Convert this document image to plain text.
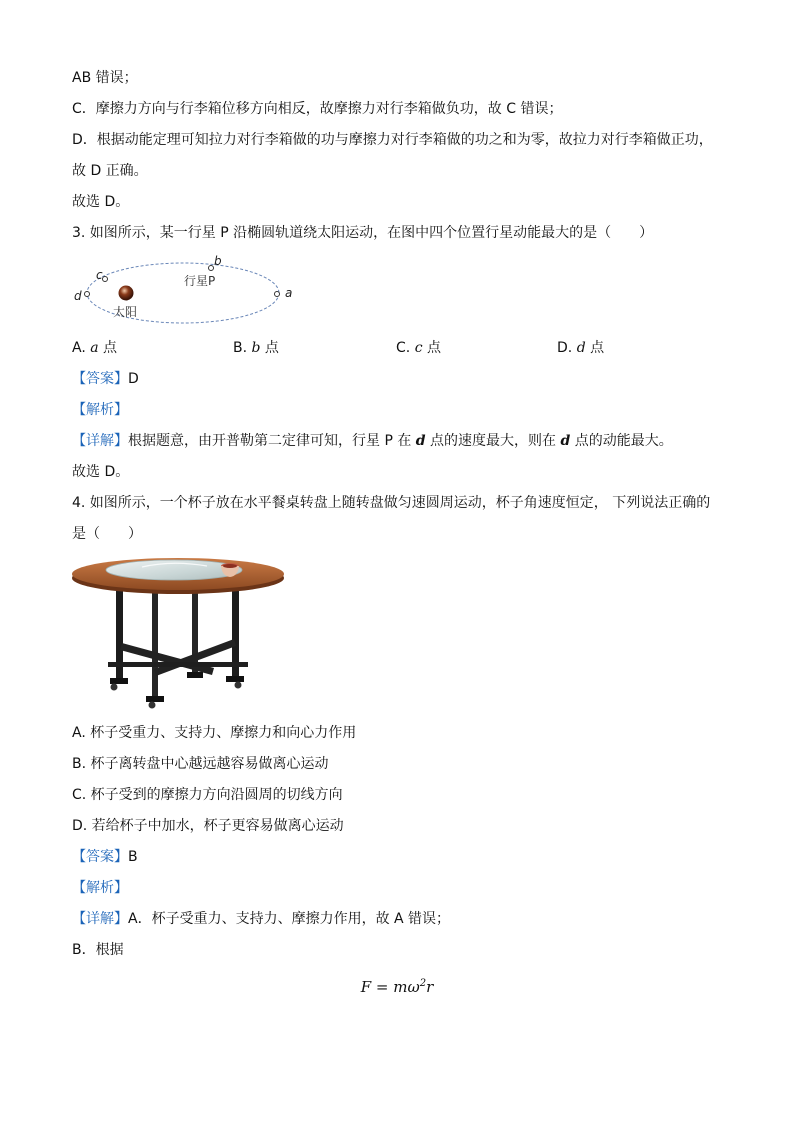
AB 错误；
C．摩擦力方向与行李箱位移方向相反，故摩擦力对行李箱做负功，故 C 错误；
D．根据动能定理可知拉力对行李箱做的功与摩擦力对行李箱做的功之和为零，故拉力对行李箱做正功，
故 D 正确。
故选 D。
3. 如图所示，某一行星 P 沿椭圆轨道绕太阳运动，在图中四个位置行星动能最大的是（　　）
太阳
b
行星P
c
a
d
A. a 点	B. b 点	C. c 点	D. d 点
【答案】D
【解析】
【详解】根据题意，由开普勒第二定律可知，行星 P 在 d 点的速度最大，则在 d 点的动能最大。
故选 D。
4. 如图所示，一个杯子放在水平餐桌转盘上随转盘做匀速圆周运动，杯子角速度恒定， 下列说法正确的
是（　　）
A. 杯子受重力、支持力、摩擦力和向心力作用
B. 杯子离转盘中心越远越容易做离心运动
C. 杯子受到的摩擦力方向沿圆周的切线方向
D. 若给杯子中加水，杯子更容易做离心运动
【答案】B
【解析】
【详解】A．杯子受重力、支持力、摩擦力作用，故 A 错误；
B．根据
$F = m\omega^2r$
